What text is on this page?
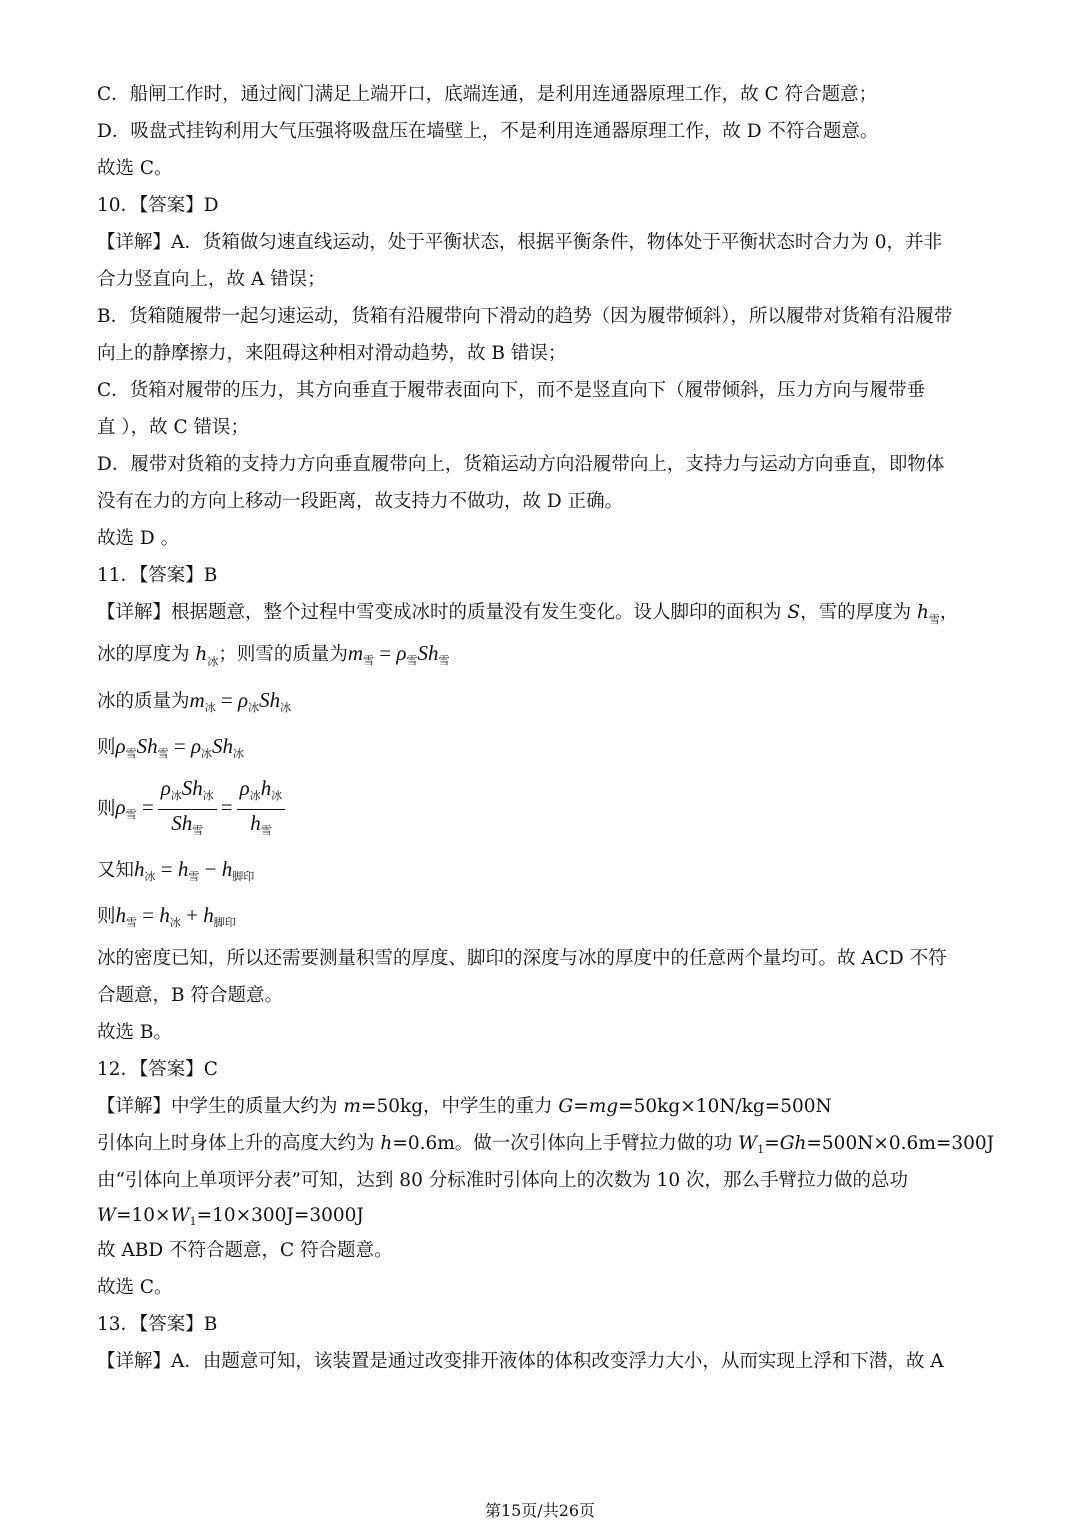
C．船闸工作时，通过阀门满足上端开口，底端连通，是利用连通器原理工作，故 C 符合题意；
D．吸盘式挂钩利用大气压强将吸盘压在墙壁上，不是利用连通器原理工作，故 D 不符合题意。
故选 C。
10．【答案】D
【详解】A．货箱做匀速直线运动，处于平衡状态，根据平衡条件，物体处于平衡状态时合力为 0，并非
合力竖直向上，故 A 错误；
B．货箱随履带一起匀速运动，货箱有沿履带向下滑动的趋势（因为履带倾斜），所以履带对货箱有沿履带
向上的静摩擦力，来阻碍这种相对滑动趋势，故 B 错误；
C．货箱对履带的压力，其方向垂直于履带表面向下，而不是竖直向下（履带倾斜，压力方向与履带垂
直 ），故 C 错误；
D．履带对货箱的支持力方向垂直履带向上，货箱运动方向沿履带向上，支持力与运动方向垂直，即物体
没有在力的方向上移动一段距离，故支持力不做功，故 D 正确。
故选 D 。
11．【答案】B
【详解】根据题意，整个过程中雪变成冰时的质量没有发生变化。设人脚印的面积为 S，雪的厚度为 $h_雪$，
冰的厚度为 $h_冰$；则雪的质量为m雪 = ρ雪Sh雪
冰的质量为m冰 = ρ冰Sh冰
则ρ雪Sh雪 = ρ冰Sh冰
则ρ雪 = $\frac{\text{ρ冰Sh冰}}{\text{Sh雪}} = \frac{\text{ρ冰h冰}}{\text{h雪}}$
又知h冰 = h雪 − h脚印
则h雪 = h冰 + h脚印
冰的密度已知，所以还需要测量积雪的厚度、脚印的深度与冰的厚度中的任意两个量均可。故 ACD 不符
合题意，B 符合题意。
故选 B。
12．【答案】C
【详解】中学生的质量大约为 m=50kg，中学生的重力 G=mg=50kg×10N/kg=500N
引体向上时身体上升的高度大约为 h=0.6m。做一次引体向上手臂拉力做的功 $W_1=Gh=500N\times 0.6m=300J$
由“引体向上单项评分表”可知，达到 80 分标准时引体向上的次数为 10 次，那么手臂拉力做的总功
$W=10\times W_1=10\times 300J=3000J$
故 ABD 不符合题意，C 符合题意。
故选 C。
13．【答案】B
【详解】A．由题意可知，该装置是通过改变排开液体的体积改变浮力大小，从而实现上浮和下潜，故 A
第15页/共26页
